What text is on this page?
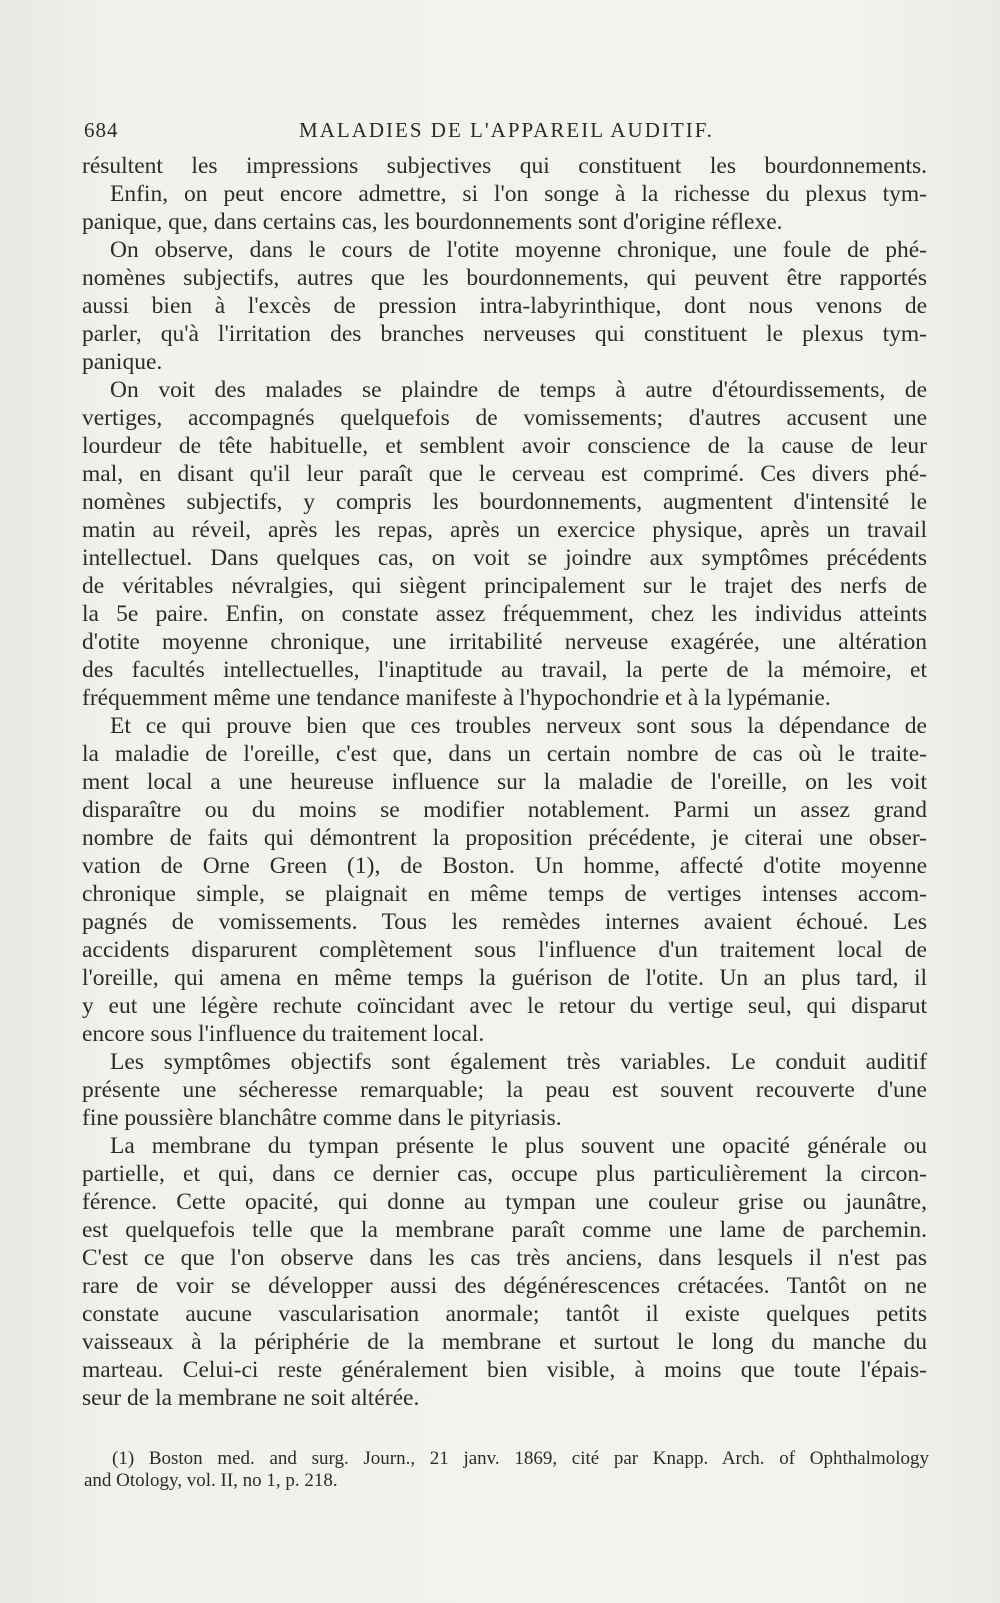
684	MALADIES DE L'APPAREIL AUDITIF.
résultent les impressions subjectives qui constituent les bourdonnements.
Enfin, on peut encore admettre, si l'on songe à la richesse du plexus tym-
panique, que, dans certains cas, les bourdonnements sont d'origine réflexe.
On observe, dans le cours de l'otite moyenne chronique, une foule de phé-
nomènes subjectifs, autres que les bourdonnements, qui peuvent être rapportés
aussi bien à l'excès de pression intra-labyrinthique, dont nous venons de
parler, qu'à l'irritation des branches nerveuses qui constituent le plexus tym-
panique.
On voit des malades se plaindre de temps à autre d'étourdissements, de
vertiges, accompagnés quelquefois de vomissements; d'autres accusent une
lourdeur de tête habituelle, et semblent avoir conscience de la cause de leur
mal, en disant qu'il leur paraît que le cerveau est comprimé. Ces divers phé-
nomènes subjectifs, y compris les bourdonnements, augmentent d'intensité le
matin au réveil, après les repas, après un exercice physique, après un travail
intellectuel. Dans quelques cas, on voit se joindre aux symptômes précédents
de véritables névralgies, qui siègent principalement sur le trajet des nerfs de
la 5e paire. Enfin, on constate assez fréquemment, chez les individus atteints
d'otite moyenne chronique, une irritabilité nerveuse exagérée, une altération
des facultés intellectuelles, l'inaptitude au travail, la perte de la mémoire, et
fréquemment même une tendance manifeste à l'hypochondrie et à la lypémanie.
Et ce qui prouve bien que ces troubles nerveux sont sous la dépendance de
la maladie de l'oreille, c'est que, dans un certain nombre de cas où le traite-
ment local a une heureuse influence sur la maladie de l'oreille, on les voit
disparaître ou du moins se modifier notablement. Parmi un assez grand
nombre de faits qui démontrent la proposition précédente, je citerai une obser-
vation de Orne Green (1), de Boston. Un homme, affecté d'otite moyenne
chronique simple, se plaignait en même temps de vertiges intenses accom-
pagnés de vomissements. Tous les remèdes internes avaient échoué. Les
accidents disparurent complètement sous l'influence d'un traitement local de
l'oreille, qui amena en même temps la guérison de l'otite. Un an plus tard, il
y eut une légère rechute coïncidant avec le retour du vertige seul, qui disparut
encore sous l'influence du traitement local.
Les symptômes objectifs sont également très variables. Le conduit auditif
présente une sécheresse remarquable; la peau est souvent recouverte d'une
fine poussière blanchâtre comme dans le pityriasis.
La membrane du tympan présente le plus souvent une opacité générale ou
partielle, et qui, dans ce dernier cas, occupe plus particulièrement la circon-
férence. Cette opacité, qui donne au tympan une couleur grise ou jaunâtre,
est quelquefois telle que la membrane paraît comme une lame de parchemin.
C'est ce que l'on observe dans les cas très anciens, dans lesquels il n'est pas
rare de voir se développer aussi des dégénérescences crétacées. Tantôt on ne
constate aucune vascularisation anormale; tantôt il existe quelques petits
vaisseaux à la périphérie de la membrane et surtout le long du manche du
marteau. Celui-ci reste généralement bien visible, à moins que toute l'épais-
seur de la membrane ne soit altérée.
(1) Boston med. and surg. Journ., 21 janv. 1869, cité par Knapp. Arch. of Ophthalmology
and Otology, vol. II, no 1, p. 218.
